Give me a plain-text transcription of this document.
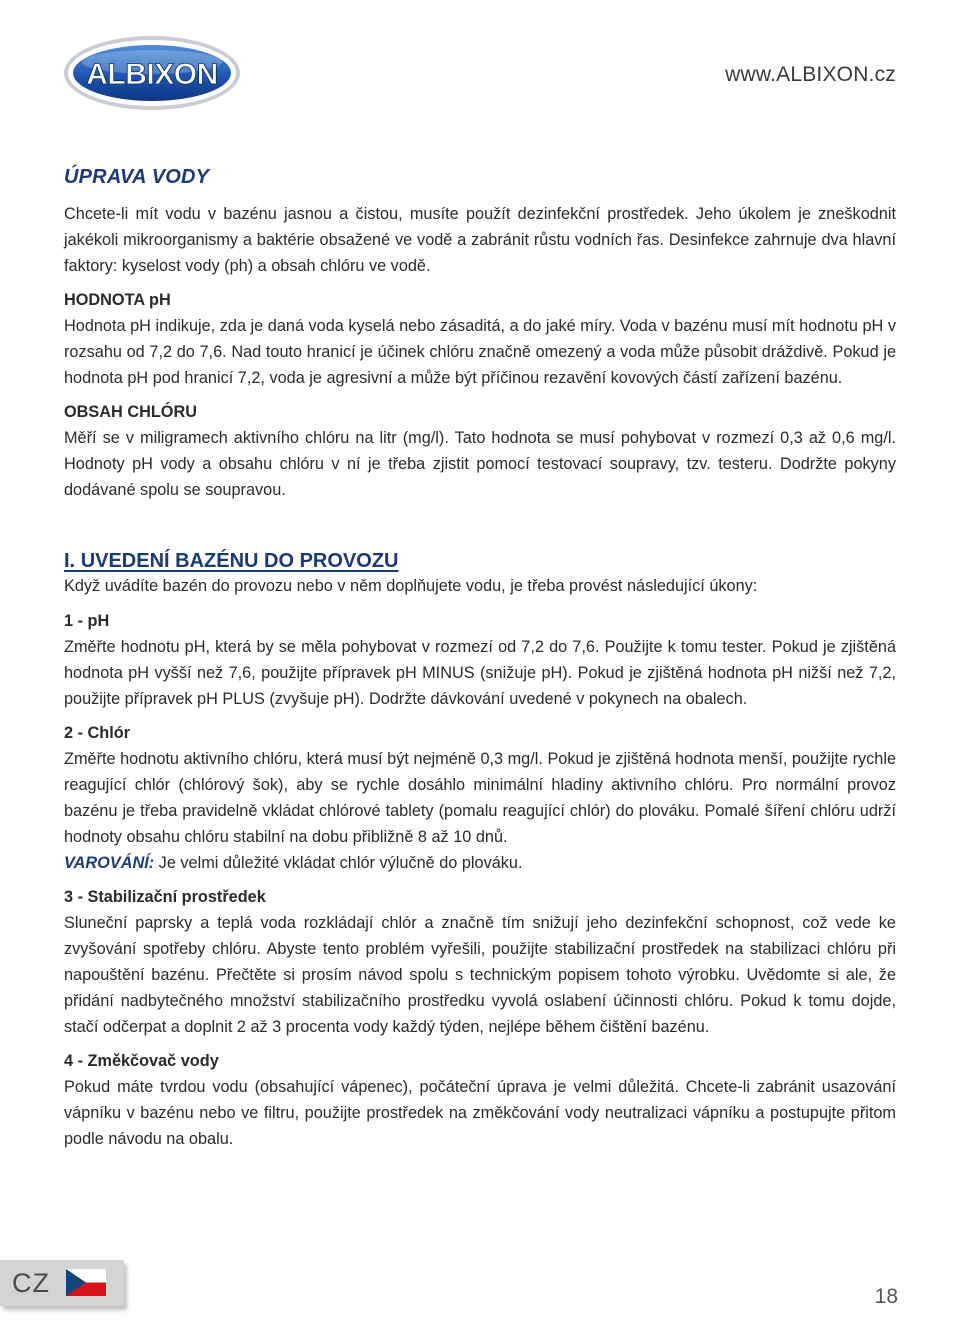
ALBIXON	www.ALBIXON.cz
ÚPRAVA VODY

Chcete-li mít vodu v bazénu jasnou a čistou, musíte použít dezinfekční prostředek. Jeho úkolem je zneškodnit jakékoli mikroorganismy a baktérie obsažené ve vodě a zabránit růstu vodních řas. Desinfekce zahrnuje dva hlavní faktory: kyselost vody (ph) a obsah chlóru ve vodě.

HODNOTA pH

Hodnota pH indikuje, zda je daná voda kyselá nebo zásaditá, a do jaké míry. Voda v bazénu musí mít hodnotu pH v rozsahu od 7,2 do 7,6. Nad touto hranicí je účinek chlóru značně omezený a voda může působit dráždivě. Pokud je hodnota pH pod hranicí 7,2, voda je agresivní a může být příčinou rezavění kovových částí zařízení bazénu.

OBSAH CHLÓRU

Měří se v miligramech aktivního chlóru na litr (mg/l). Tato hodnota se musí pohybovat v rozmezí 0,3 až 0,6 mg/l. Hodnoty pH vody a obsahu chlóru v ní je třeba zjistit pomocí testovací soupravy, tzv. testeru. Dodržte pokyny dodávané spolu se soupravou.

I. UVEDENÍ BAZÉNU DO PROVOZU

Když uvádíte bazén do provozu nebo v něm doplňujete vodu, je třeba provést následující úkony:

1 - pH

Změřte hodnotu pH, která by se měla pohybovat v rozmezí od 7,2 do 7,6. Použijte k tomu tester. Pokud je zjištěná hodnota pH vyšší než 7,6, použijte přípravek pH MINUS (snižuje pH). Pokud je zjištěná hodnota pH nižší než 7,2, použijte přípravek pH PLUS (zvyšuje pH). Dodržte dávkování uvedené v pokynech na obalech.

2 - Chlór

Změřte hodnotu aktivního chlóru, která musí být nejméně 0,3 mg/l. Pokud je zjištěná hodnota menší, použijte rychle reagující chlór (chlórový šok), aby se rychle dosáhlo minimální hladiny aktivního chlóru. Pro normální provoz bazénu je třeba pravidelně vkládat chlórové tablety (pomalu reagující chlór) do plováku. Pomalé šíření chlóru udrží hodnoty obsahu chlóru stabilní na dobu přibližně 8 až 10 dnů.

VAROVÁNÍ: Je velmi důležité vkládat chlór výlučně do plováku.

3 - Stabilizační prostředek

Sluneční paprsky a teplá voda rozkládají chlór a značně tím snižují jeho dezinfekční schopnost, což vede ke zvyšování spotřeby chlóru. Abyste tento problém vyřešili, použijte stabilizační prostředek na stabilizaci chlóru při napouštění bazénu. Přečtěte si prosím návod spolu s technickým popisem tohoto výrobku. Uvědomte si ale, že přidání nadbytečného množství stabilizačního prostředku vyvolá oslabení účinnosti chlóru. Pokud k tomu dojde, stačí odčerpat a doplnit 2 až 3 procenta vody každý týden, nejlépe během čištění bazénu.

4 - Změkčovač vody

Pokud máte tvrdou vodu (obsahující vápenec), počáteční úprava je velmi důležitá. Chcete-li zabránit usazování vápníku v bazénu nebo ve filtru, použijte prostředek na změkčování vody neutralizaci vápníku a postupujte přitom podle návodu na obalu.

CZ	18
